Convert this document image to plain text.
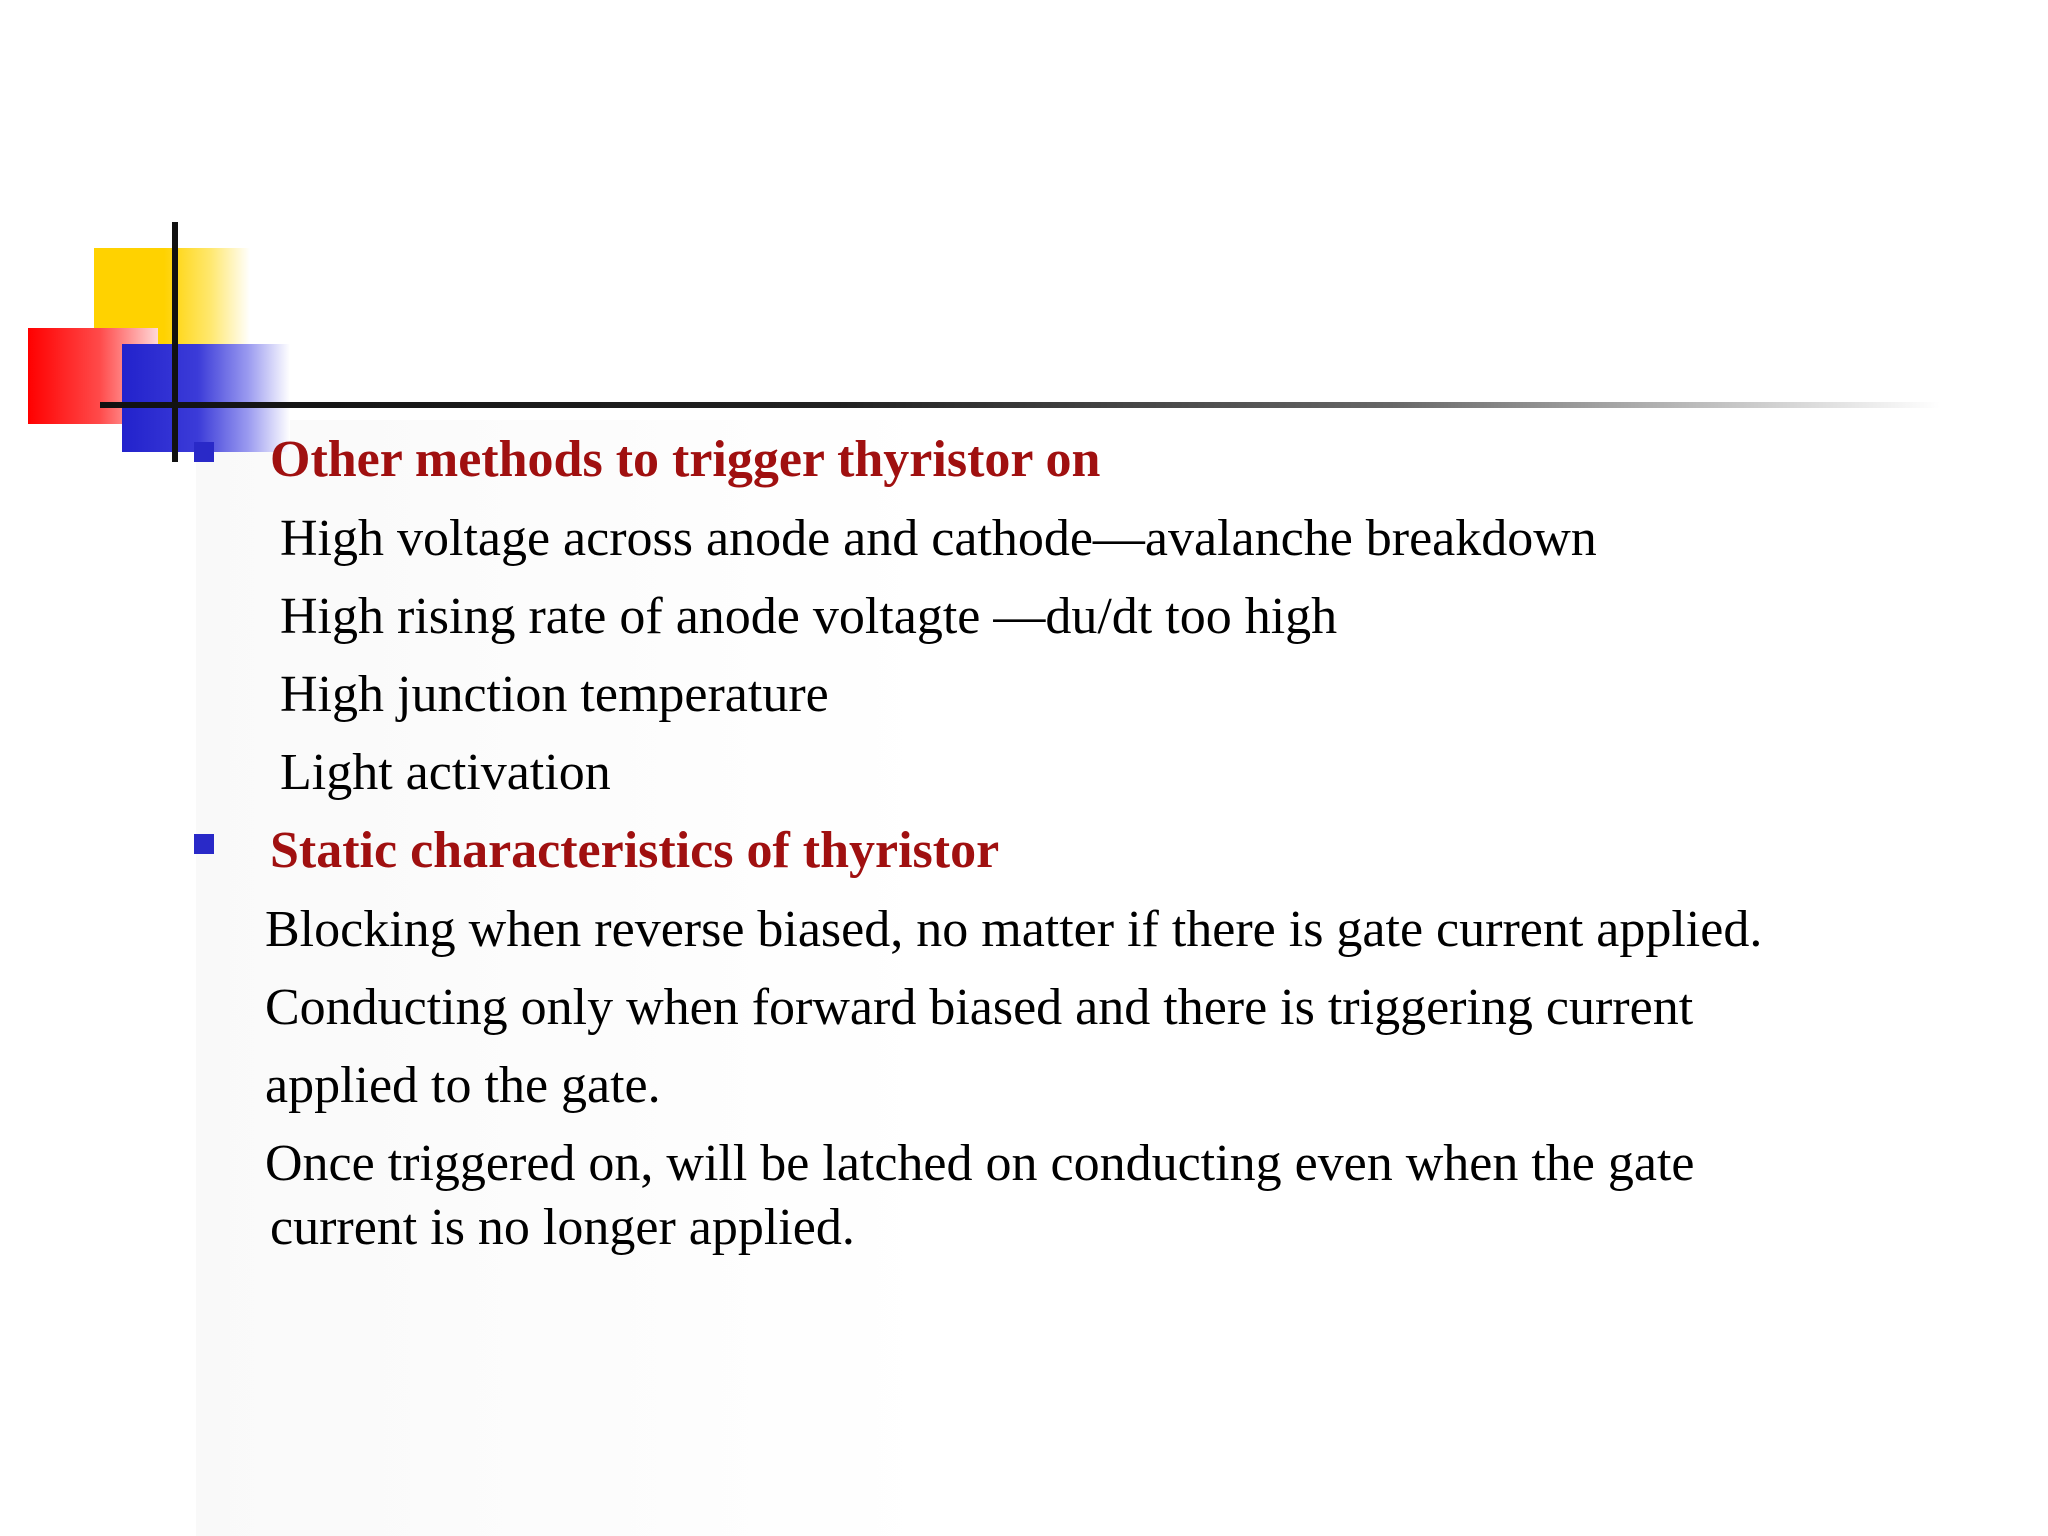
Other methods to trigger thyristor on
High voltage across anode and cathode—avalanche breakdown
High rising rate of anode voltagte —du/dt too high
High junction temperature
Light activation
Static characteristics of thyristor
Blocking when reverse biased, no matter if there is gate current applied.
Conducting only when forward biased and there is triggering current
applied to the gate.
Once triggered on, will be latched on conducting even when the gate
current is no longer applied.
